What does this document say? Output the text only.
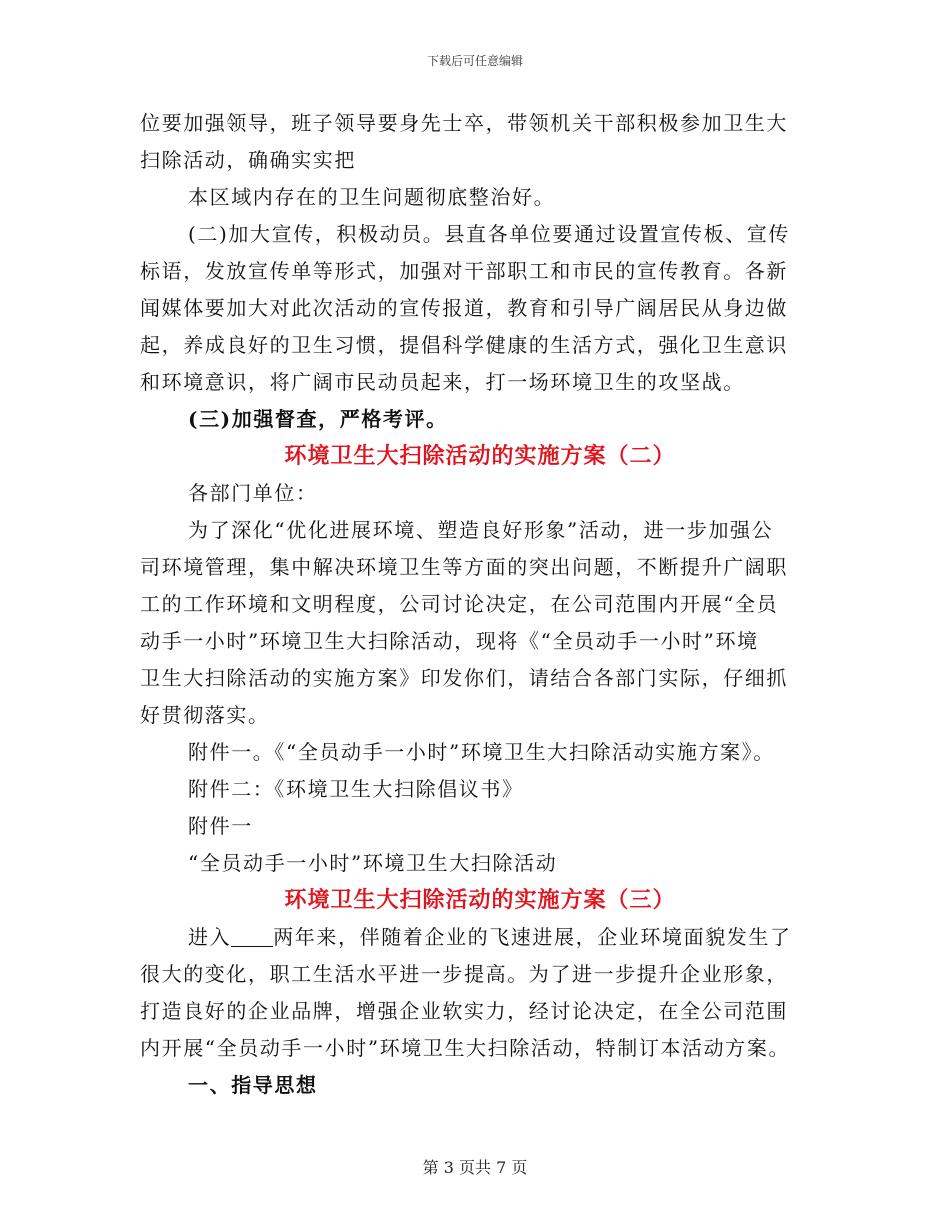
下载后可任意编辑
位要加强领导，班子领导要身先士卒，带领机关干部积极参加卫生大
扫除活动，确确实实把
本区域内存在的卫生问题彻底整治好。
(二)加大宣传，积极动员。县直各单位要通过设置宣传板、宣传
标语，发放宣传单等形式，加强对干部职工和市民的宣传教育。各新
闻媒体要加大对此次活动的宣传报道，教育和引导广阔居民从身边做
起，养成良好的卫生习惯，提倡科学健康的生活方式，强化卫生意识
和环境意识，将广阔市民动员起来，打一场环境卫生的攻坚战。
(三)加强督查，严格考评。
环境卫生大扫除活动的实施方案（二）
各部门单位：
为了深化“优化进展环境、塑造良好形象”活动，进一步加强公
司环境管理，集中解决环境卫生等方面的突出问题，不断提升广阔职
工的工作环境和文明程度，公司讨论决定，在公司范围内开展“全员
动手一小时”环境卫生大扫除活动，现将《“全员动手一小时”环境
卫生大扫除活动的实施方案》印发你们，请结合各部门实际，仔细抓
好贯彻落实。
附件一。《“全员动手一小时”环境卫生大扫除活动实施方案》。
附件二：《环境卫生大扫除倡议书》
附件一
“全员动手一小时”环境卫生大扫除活动
环境卫生大扫除活动的实施方案（三）
进入 两年来，伴随着企业的飞速进展，企业环境面貌发生了
很大的变化，职工生活水平进一步提高。为了进一步提升企业形象，
打造良好的企业品牌，增强企业软实力，经讨论决定，在全公司范围
内开展“全员动手一小时”环境卫生大扫除活动，特制订本活动方案。
一、指导思想
第 3 页共 7 页
